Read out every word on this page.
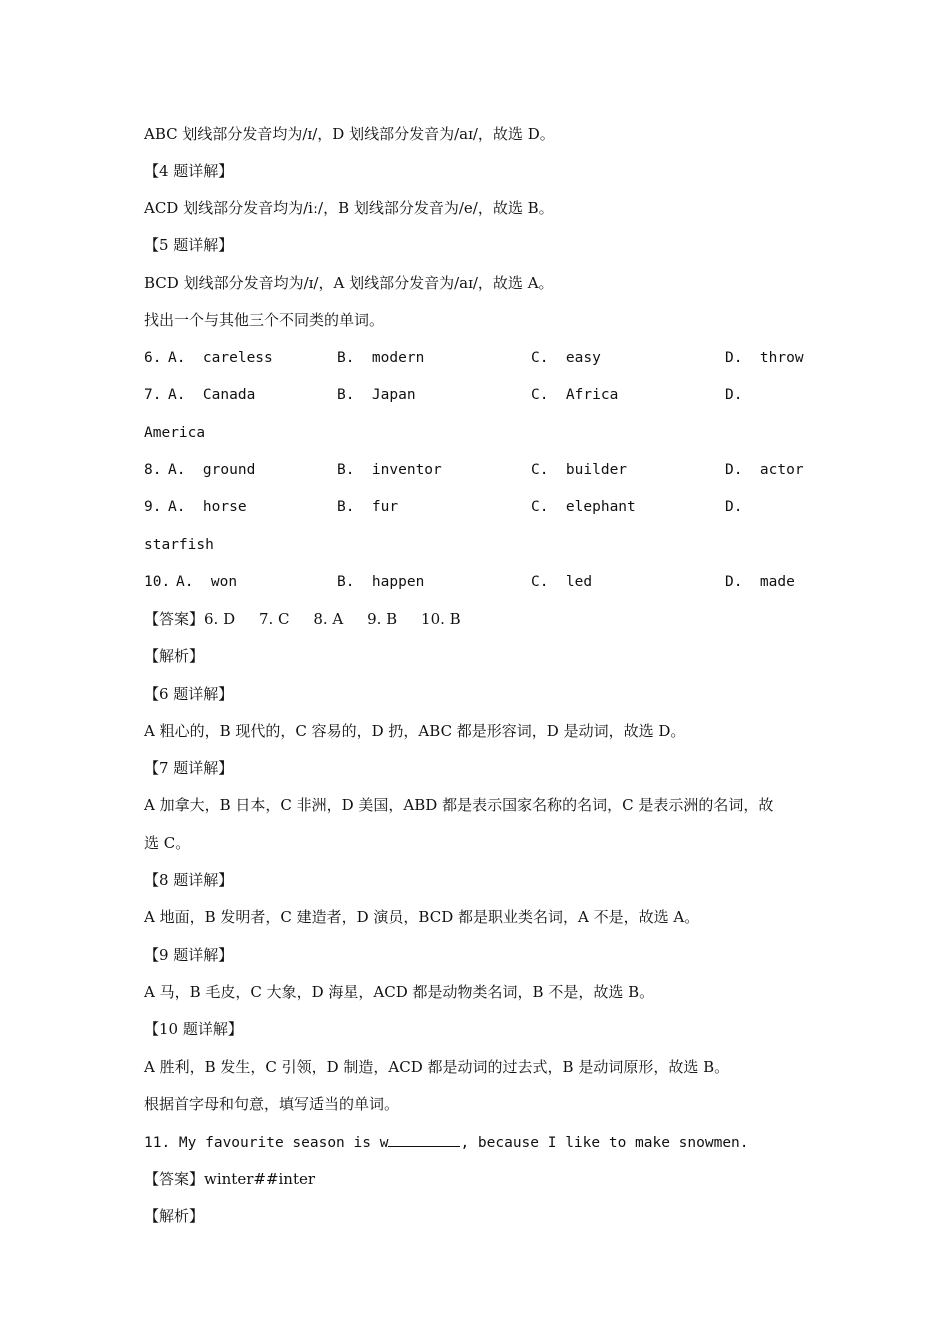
ABC 划线部分发音均为/ɪ/，D 划线部分发音为/aɪ/，故选 D。
【4 题详解】
ACD 划线部分发音均为/iː/，B 划线部分发音为/e/，故选 B。
【5 题详解】
BCD 划线部分发音均为/ɪ/，A 划线部分发音为/aɪ/，故选 A。
找出一个与其他三个不同类的单词。
6. A.  careless	B.  modern	C.  easy	D.  throw
7. A.  Canada	B.  Japan	C.  Africa	D.
America
8. A.  ground	B.  inventor	C.  builder	D.  actor
9. A.  horse	B.  fur	C.  elephant	D.
starfish
10. A.  won	B.  happen	C.  led	D.  made
【答案】6. D     7. C     8. A     9. B     10. B
【解析】
【6 题详解】
A 粗心的，B 现代的，C 容易的，D 扔，ABC 都是形容词，D 是动词，故选 D。
【7 题详解】
A 加拿大，B 日本，C 非洲，D 美国，ABD 都是表示国家名称的名词，C 是表示洲的名词，故
选 C。
【8 题详解】
A 地面，B 发明者，C 建造者，D 演员，BCD 都是职业类名词，A 不是，故选 A。
【9 题详解】
A 马，B 毛皮，C 大象，D 海星，ACD 都是动物类名词，B 不是，故选 B。
【10 题详解】
A 胜利，B 发生，C 引领，D 制造，ACD 都是动词的过去式，B 是动词原形，故选 B。
根据首字母和句意，填写适当的单词。
11. My favourite season is w	, because I like to make snowmen.
【答案】winter##inter
【解析】
